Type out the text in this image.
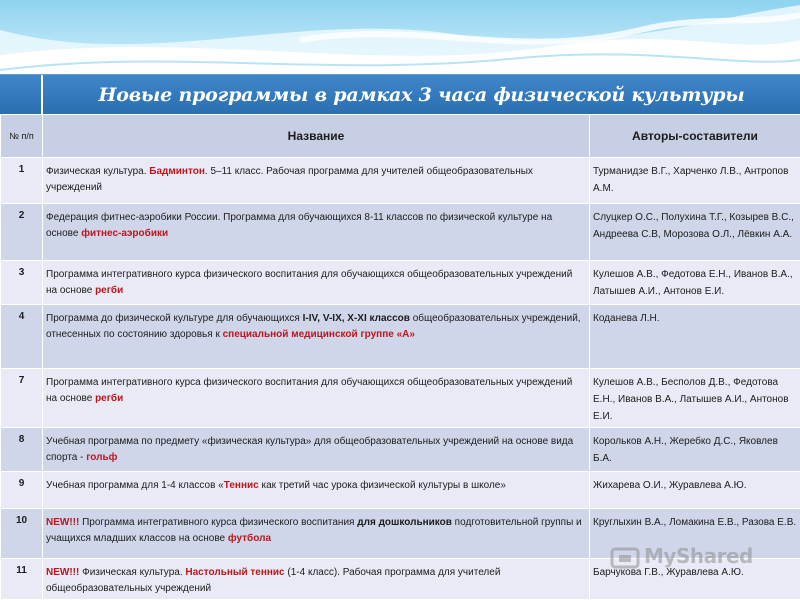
Новые программы в рамках 3 часа физической культуры
№ п/п	Название	Авторы-составители
1	Физическая культура. Бадминтон. 5–11 класс. Рабочая программа для учителей общеобразовательных учреждений	Турманидзе В.Г., Харченко Л.В., Антропов А.М.
2	Федерация фитнес-аэробики России. Программа для обучающихся 8-11 классов по физической культуре на основе фитнес-аэробики	Слуцкер О.С., Полухина Т.Г., Козырев В.С., Андреева С.В, Морозова О.Л., Лёвкин А.А.
3	Программа интегративного курса физического воспитания для обучающихся общеобразовательных учреждений на основе регби	Кулешов А.В., Федотова Е.Н., Иванов В.А., Латышев А.И., Антонов Е.И.
4	Программа до физической культуре для обучающихся I-IV, V-IX, X-XI классов общеобразовательных учреждений, отнесенных по состоянию здоровья к специальной медицинской группе «А»	Коданева Л.Н.
7	Программа интегративного курса физического воспитания для обучающихся общеобразовательных учреждений на основе регби	Кулешов А.В., Бесполов Д.В., Федотова Е.Н., Иванов В.А., Латышев А.И., Антонов Е.И.
8	Учебная программа по предмету «физическая культура» для общеобразовательных учреждений на основе вида спорта - гольф	Корольков А.Н., Жеребко Д.С., Яковлев Б.А.
9	Учебная программа для 1-4 классов «Теннис как третий час урока физической культуры в школе»	Жихарева О.И., Журавлева А.Ю.
10	NEW!!! Программа интегративного курса физического воспитания для дошкольников подготовительной группы и учащихся младших классов на основе футбола	Круглыхин В.А., Ломакина Е.В., Разова Е.В.
11	NEW!!! Физическая культура. Настольный теннис (1-4 класс). Рабочая программа для учителей общеобразовательных учреждений	Барчукова Г.В., Журавлева А.Ю.
MyShared
